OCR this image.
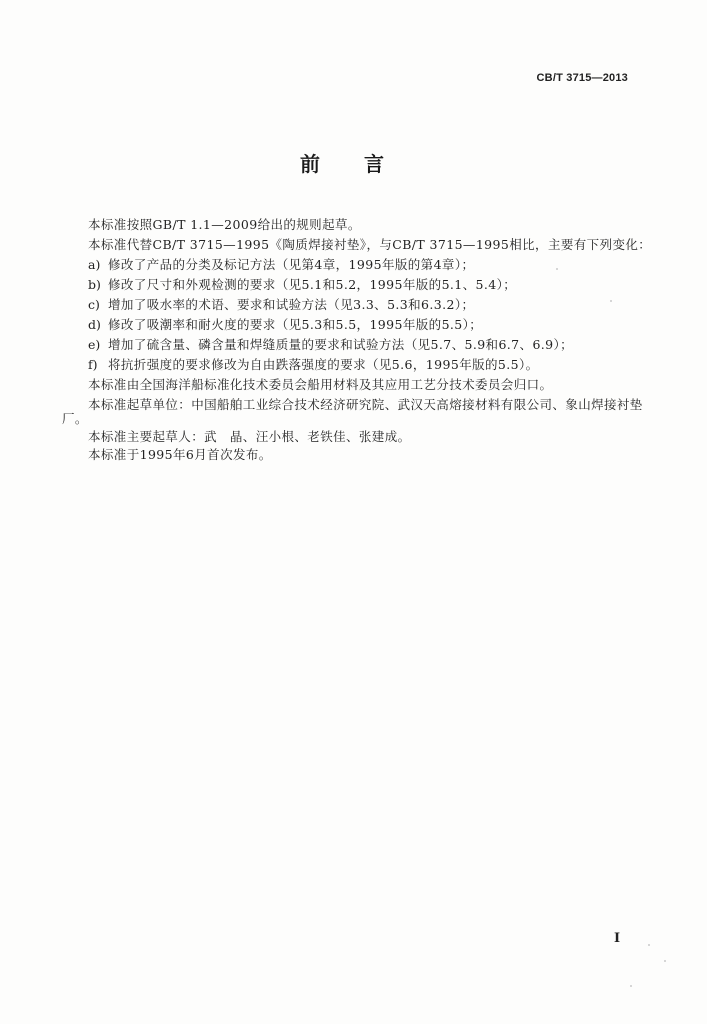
CB/T 3715—2013
前　言
本标准按照GB/T 1.1—2009给出的规则起草。
本标准代替CB/T 3715—1995《陶质焊接衬垫》，与CB/T 3715—1995相比，主要有下列变化：
a) 修改了产品的分类及标记方法（见第4章，1995年版的第4章）；
b) 修改了尺寸和外观检测的要求（见5.1和5.2，1995年版的5.1、5.4）；
c) 增加了吸水率的术语、要求和试验方法（见3.3、5.3和6.3.2）；
d) 修改了吸潮率和耐火度的要求（见5.3和5.5，1995年版的5.5）；
e) 增加了硫含量、磷含量和焊缝质量的要求和试验方法（见5.7、5.9和6.7、6.9）；
f) 将抗折强度的要求修改为自由跌落强度的要求（见5.6，1995年版的5.5）。
本标准由全国海洋船标准化技术委员会船用材料及其应用工艺分技术委员会归口。
本标准起草单位：中国船舶工业综合技术经济研究院、武汉天高熔接材料有限公司、象山焊接衬垫
厂。
本标准主要起草人：武　晶、汪小根、老铁佳、张建成。
本标准于1995年6月首次发布。
I
